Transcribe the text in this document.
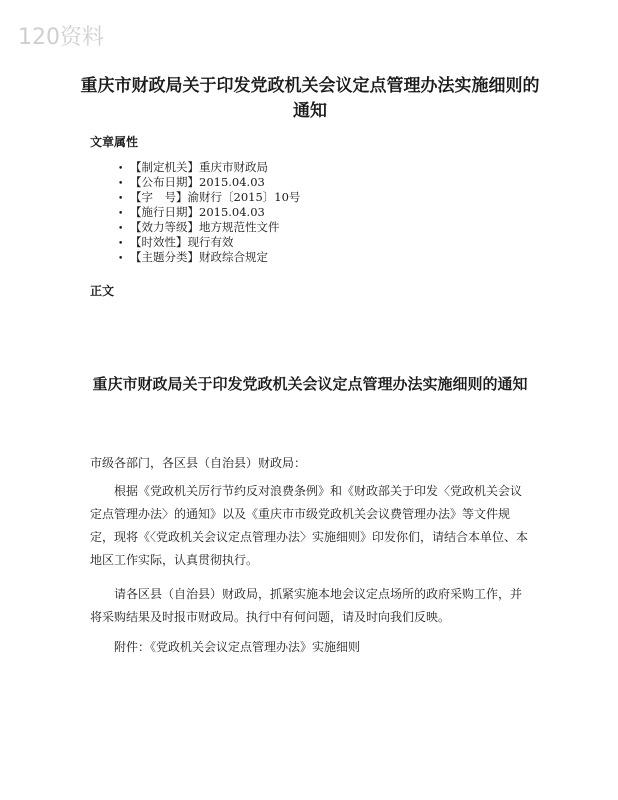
120资料
重庆市财政局关于印发党政机关会议定点管理办法实施细则的通知
文章属性
• 【制定机关】重庆市财政局
• 【公布日期】2015.04.03
• 【字　号】渝财行〔2015〕10号
• 【施行日期】2015.04.03
• 【效力等级】地方规范性文件
• 【时效性】现行有效
• 【主题分类】财政综合规定
正文
重庆市财政局关于印发党政机关会议定点管理办法实施细则的通知

市级各部门，各区县（自治县）财政局：

根据《党政机关厉行节约反对浪费条例》和《财政部关于印发〈党政机关会议定点管理办法〉的通知》以及《重庆市市级党政机关会议费管理办法》等文件规定，现将《〈党政机关会议定点管理办法〉实施细则》印发你们，请结合本单位、本地区工作实际，认真贯彻执行。

请各区县（自治县）财政局，抓紧实施本地会议定点场所的政府采购工作，并将采购结果及时报市财政局。执行中有何问题，请及时向我们反映。

附件：《党政机关会议定点管理办法》实施细则
